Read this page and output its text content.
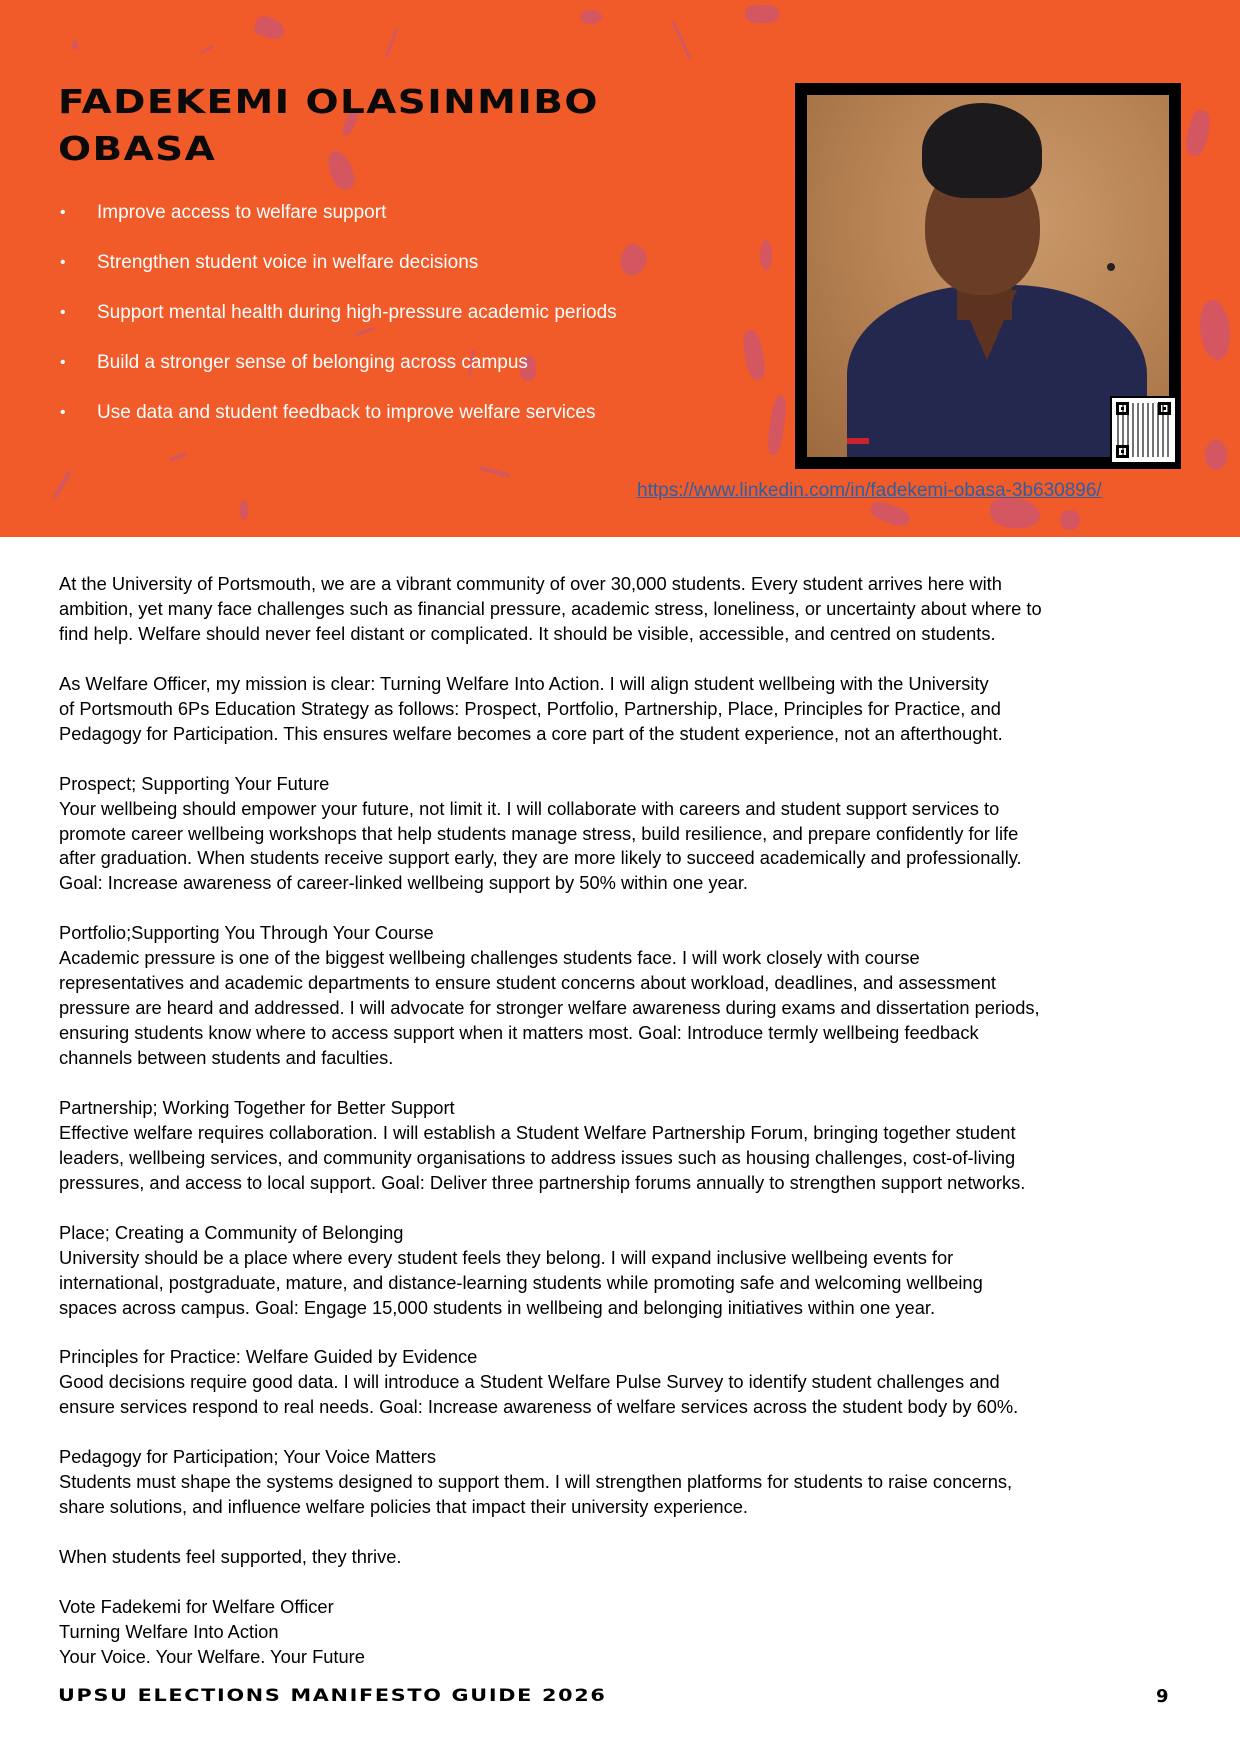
FADEKEMI OLASINMIBO
OBASA
• Improve access to welfare support
• Strengthen student voice in welfare decisions
• Support mental health during high-pressure academic periods
• Build a stronger sense of belonging across campus
• Use data and student feedback to improve welfare services
https://www.linkedin.com/in/fadekemi-obasa-3b630896/

At the University of Portsmouth, we are a vibrant community of over 30,000 students. Every student arrives here with
ambition, yet many face challenges such as financial pressure, academic stress, loneliness, or uncertainty about where to
find help. Welfare should never feel distant or complicated. It should be visible, accessible, and centred on students.

As Welfare Officer, my mission is clear: Turning Welfare Into Action. I will align student wellbeing with the University
of Portsmouth 6Ps Education Strategy as follows: Prospect, Portfolio, Partnership, Place, Principles for Practice, and
Pedagogy for Participation. This ensures welfare becomes a core part of the student experience, not an afterthought.

Prospect; Supporting Your Future
Your wellbeing should empower your future, not limit it. I will collaborate with careers and student support services to
promote career wellbeing workshops that help students manage stress, build resilience, and prepare confidently for life
after graduation. When students receive support early, they are more likely to succeed academically and professionally.
Goal: Increase awareness of career-linked wellbeing support by 50% within one year.

Portfolio;Supporting You Through Your Course
Academic pressure is one of the biggest wellbeing challenges students face. I will work closely with course
representatives and academic departments to ensure student concerns about workload, deadlines, and assessment
pressure are heard and addressed. I will advocate for stronger welfare awareness during exams and dissertation periods,
ensuring students know where to access support when it matters most. Goal: Introduce termly wellbeing feedback
channels between students and faculties.

Partnership; Working Together for Better Support
Effective welfare requires collaboration. I will establish a Student Welfare Partnership Forum, bringing together student
leaders, wellbeing services, and community organisations to address issues such as housing challenges, cost-of-living
pressures, and access to local support. Goal: Deliver three partnership forums annually to strengthen support networks.

Place; Creating a Community of Belonging
University should be a place where every student feels they belong. I will expand inclusive wellbeing events for
international, postgraduate, mature, and distance-learning students while promoting safe and welcoming wellbeing
spaces across campus. Goal: Engage 15,000 students in wellbeing and belonging initiatives within one year.

Principles for Practice: Welfare Guided by Evidence
Good decisions require good data. I will introduce a Student Welfare Pulse Survey to identify student challenges and
ensure services respond to real needs. Goal: Increase awareness of welfare services across the student body by 60%.

Pedagogy for Participation; Your Voice Matters
Students must shape the systems designed to support them. I will strengthen platforms for students to raise concerns,
share solutions, and influence welfare policies that impact their university experience.

When students feel supported, they thrive.

Vote Fadekemi for Welfare Officer
Turning Welfare Into Action
Your Voice. Your Welfare. Your Future

UPSU ELECTIONS MANIFESTO GUIDE 2026	9
